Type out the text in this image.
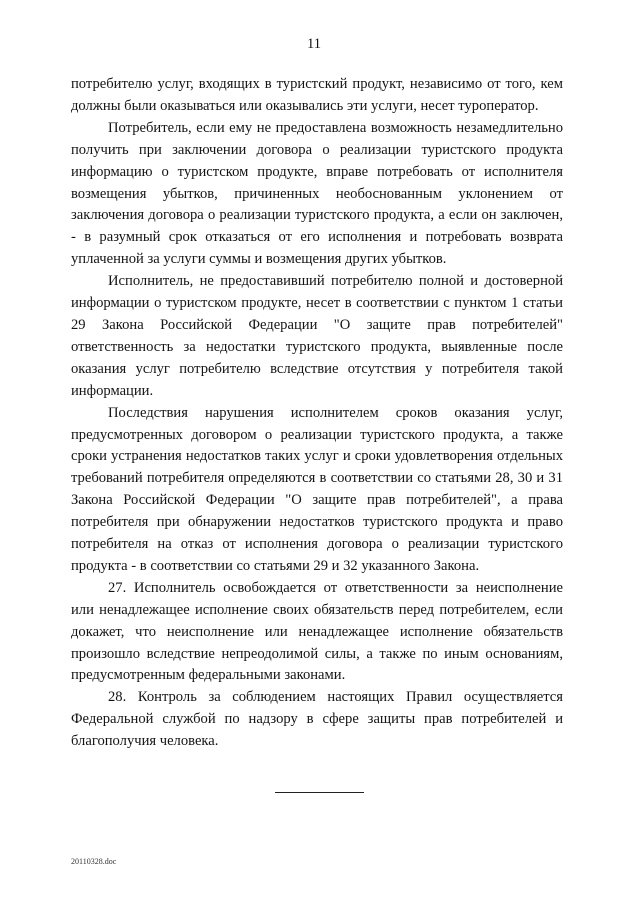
11

потребителю услуг, входящих в туристский продукт, независимо от того, кем должны были оказываться или оказывались эти услуги, несет туроператор.

Потребитель, если ему не предоставлена возможность незамедлительно получить при заключении договора о реализации туристского продукта информацию о туристском продукте, вправе потребовать от исполнителя возмещения убытков, причиненных необоснованным уклонением от заключения договора о реализации туристского продукта, а если он заключен, - в разумный срок отказаться от его исполнения и потребовать возврата уплаченной за услуги суммы и возмещения других убытков.

Исполнитель, не предоставивший потребителю полной и достоверной информации о туристском продукте, несет в соответствии с пунктом 1 статьи 29 Закона Российской Федерации "О защите прав потребителей" ответственность за недостатки туристского продукта, выявленные после оказания услуг потребителю вследствие отсутствия у потребителя такой информации.

Последствия нарушения исполнителем сроков оказания услуг, предусмотренных договором о реализации туристского продукта, а также сроки устранения недостатков таких услуг и сроки удовлетворения отдельных требований потребителя определяются в соответствии со статьями 28, 30 и 31 Закона Российской Федерации "О защите прав потребителей", а права потребителя при обнаружении недостатков туристского продукта и право потребителя на отказ от исполнения договора о реализации туристского продукта - в соответствии со статьями 29 и 32 указанного Закона.

27. Исполнитель освобождается от ответственности за неисполнение или ненадлежащее исполнение своих обязательств перед потребителем, если докажет, что неисполнение или ненадлежащее исполнение обязательств произошло вследствие непреодолимой силы, а также по иным основаниям, предусмотренным федеральными законами.

28. Контроль за соблюдением настоящих Правил осуществляется Федеральной службой по надзору в сфере защиты прав потребителей и благополучия человека.

20110328.doc
